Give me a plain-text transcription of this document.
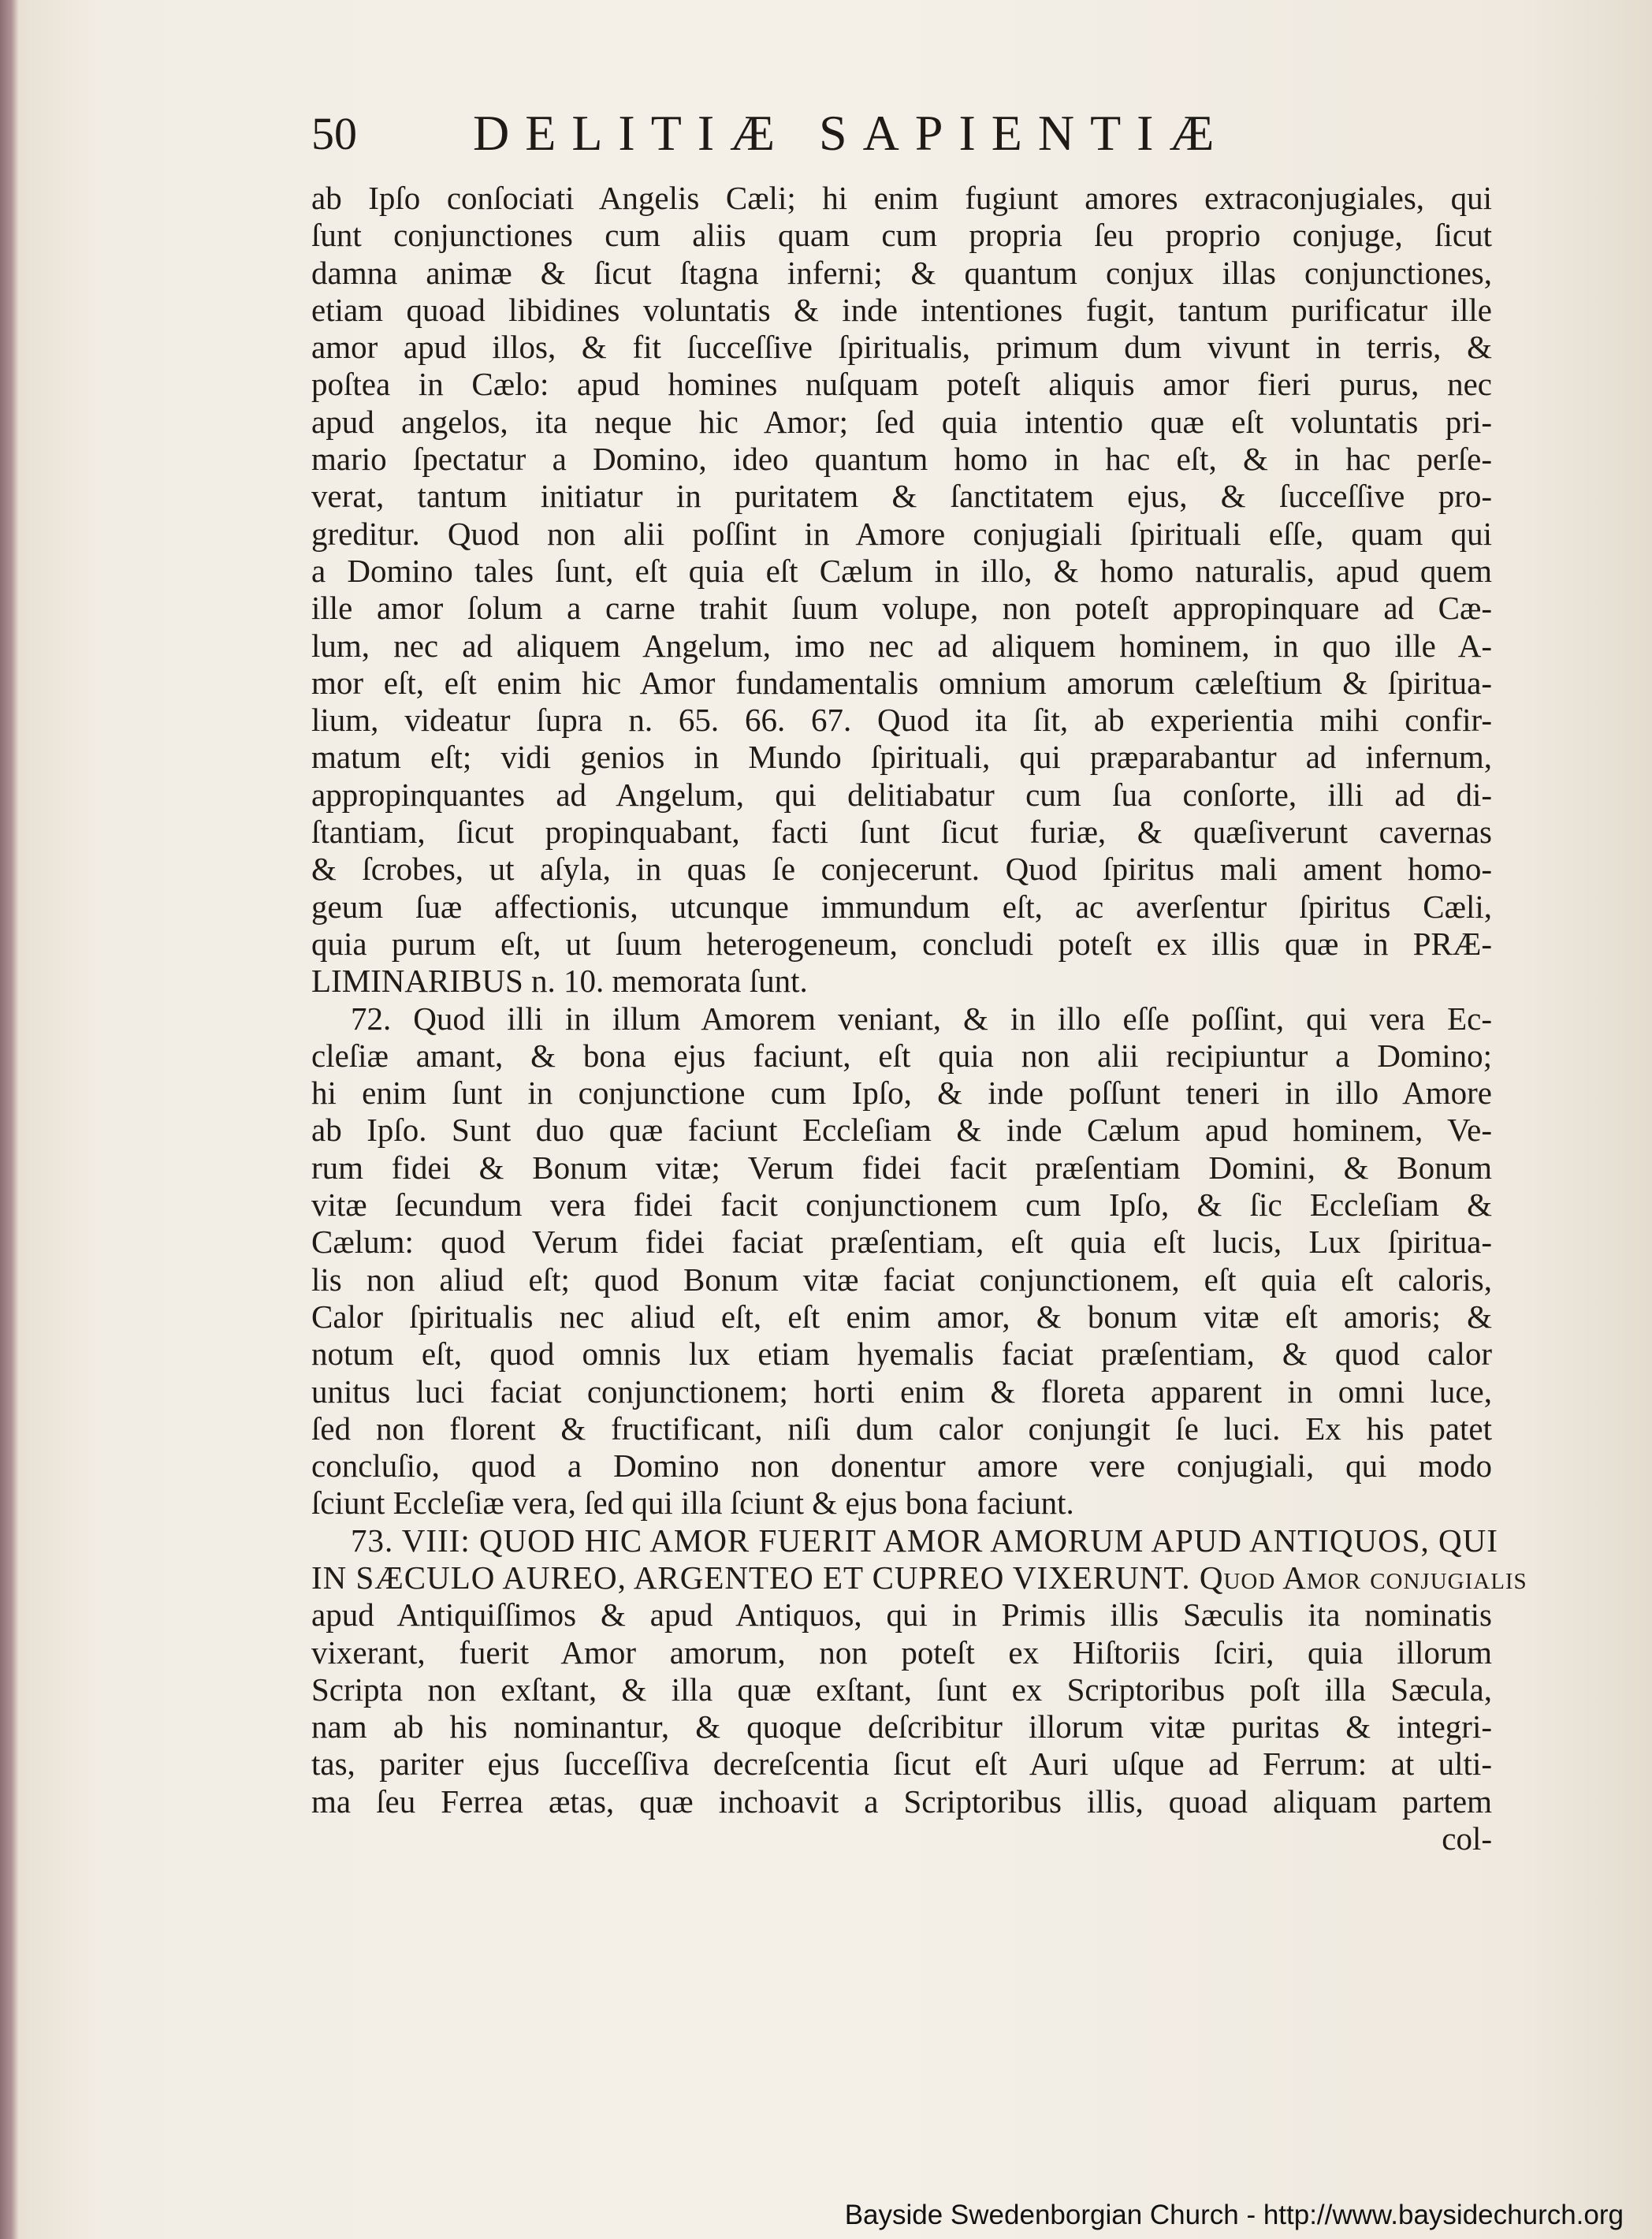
50 DELITIÆ SAPIENTIÆ
ab Ipſo conſociati Angelis Cæli; hi enim fugiunt amores extraconjugiales, qui
ſunt conjunctiones cum aliis quam cum propria ſeu proprio conjuge, ſicut
damna animæ & ſicut ſtagna inferni; & quantum conjux illas conjunctiones,
etiam quoad libidines voluntatis & inde intentiones fugit, tantum purificatur ille
amor apud illos, & fit ſucceſſive ſpiritualis, primum dum vivunt in terris, &
poſtea in Cælo: apud homines nuſquam poteſt aliquis amor fieri purus, nec
apud angelos, ita neque hic Amor; ſed quia intentio quæ eſt voluntatis pri-
mario ſpectatur a Domino, ideo quantum homo in hac eſt, & in hac perſe-
verat, tantum initiatur in puritatem & ſanctitatem ejus, & ſucceſſive pro-
greditur. Quod non alii poſſint in Amore conjugiali ſpirituali eſſe, quam qui
a Domino tales ſunt, eſt quia eſt Cælum in illo, & homo naturalis, apud quem
ille amor ſolum a carne trahit ſuum volupe, non poteſt appropinquare ad Cæ-
lum, nec ad aliquem Angelum, imo nec ad aliquem hominem, in quo ille A-
mor eſt, eſt enim hic Amor fundamentalis omnium amorum cæleſtium & ſpiritua-
lium, videatur ſupra n. 65. 66. 67. Quod ita ſit, ab experientia mihi confir-
matum eſt; vidi genios in Mundo ſpirituali, qui præparabantur ad infernum,
appropinquantes ad Angelum, qui delitiabatur cum ſua conſorte, illi ad di-
ſtantiam, ſicut propinquabant, facti ſunt ſicut furiæ, & quæſiverunt cavernas
& ſcrobes, ut aſyla, in quas ſe conjecerunt. Quod ſpiritus mali ament homo-
geum ſuæ affectionis, utcunque immundum eſt, ac averſentur ſpiritus Cæli,
quia purum eſt, ut ſuum heterogeneum, concludi poteſt ex illis quæ in PRÆ-
LIMINARIBUS n. 10. memorata ſunt.
72. Quod illi in illum Amorem veniant, & in illo eſſe poſſint, qui vera Ec-
cleſiæ amant, & bona ejus faciunt, eſt quia non alii recipiuntur a Domino;
hi enim ſunt in conjunctione cum Ipſo, & inde poſſunt teneri in illo Amore
ab Ipſo. Sunt duo quæ faciunt Eccleſiam & inde Cælum apud hominem, Ve-
rum fidei & Bonum vitæ; Verum fidei facit præſentiam Domini, & Bonum
vitæ ſecundum vera fidei facit conjunctionem cum Ipſo, & ſic Eccleſiam &
Cælum: quod Verum fidei faciat præſentiam, eſt quia eſt lucis, Lux ſpiritua-
lis non aliud eſt; quod Bonum vitæ faciat conjunctionem, eſt quia eſt caloris,
Calor ſpiritualis nec aliud eſt, eſt enim amor, & bonum vitæ eſt amoris; &
notum eſt, quod omnis lux etiam hyemalis faciat præſentiam, & quod calor
unitus luci faciat conjunctionem; horti enim & floreta apparent in omni luce,
ſed non florent & fructificant, niſi dum calor conjungit ſe luci. Ex his patet
concluſio, quod a Domino non donentur amore vere conjugiali, qui modo
ſciunt Eccleſiæ vera, ſed qui illa ſciunt & ejus bona faciunt.
73. VIII: QUOD HIC AMOR FUERIT AMOR AMORUM APUD ANTIQUOS, QUI
IN SÆCULO AUREO, ARGENTEO ET CUPREO VIXERUNT. Quod Amor conjugialis
apud Antiquiſſimos & apud Antiquos, qui in Primis illis Sæculis ita nominatis
vixerant, fuerit Amor amorum, non poteſt ex Hiſtoriis ſciri, quia illorum
Scripta non exſtant, & illa quæ exſtant, ſunt ex Scriptoribus poſt illa Sæcula,
nam ab his nominantur, & quoque deſcribitur illorum vitæ puritas & integri-
tas, pariter ejus ſucceſſiva decreſcentia ſicut eſt Auri uſque ad Ferrum: at ulti-
ma ſeu Ferrea ætas, quæ inchoavit a Scriptoribus illis, quoad aliquam partem
col-
Bayside Swedenborgian Church - http://www.baysidechurch.org
